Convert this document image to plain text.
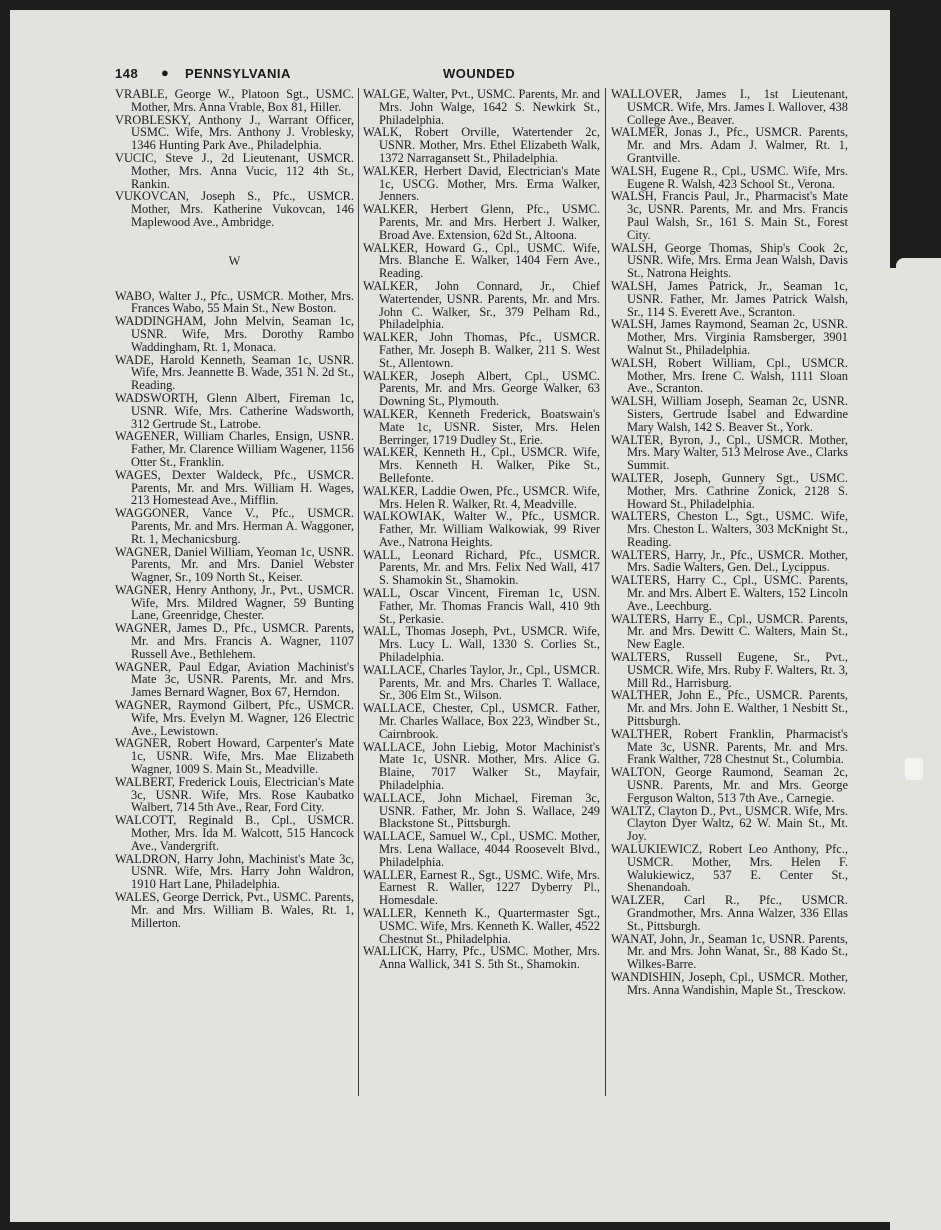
148 ● PENNSYLVANIA	WOUNDED

VRABLE, George W., Platoon Sgt., USMC. Mother, Mrs. Anna Vrable, Box 81, Hiller.

VROBLESKY, Anthony J., Warrant Officer, USMC. Wife, Mrs. Anthony J. Vroblesky, 1346 Hunting Park Ave., Philadelphia.

VUCIC, Steve J., 2d Lieutenant, USMCR. Mother, Mrs. Anna Vucic, 112 4th St., Rankin.

VUKOVCAN, Joseph S., Pfc., USMCR. Mother, Mrs. Katherine Vukovcan, 146 Maplewood Ave., Ambridge.

W

WABO, Walter J., Pfc., USMCR. Mother, Mrs. Frances Wabo, 55 Main St., New Boston.

WADDINGHAM, John Melvin, Seaman 1c, USNR. Wife, Mrs. Dorothy Rambo Waddingham, Rt. 1, Monaca.

WADE, Harold Kenneth, Seaman 1c, USNR. Wife, Mrs. Jeannette B. Wade, 351 N. 2d St., Reading.

WADSWORTH, Glenn Albert, Fireman 1c, USNR. Wife, Mrs. Catherine Wadsworth, 312 Gertrude St., Latrobe.

WAGENER, William Charles, Ensign, USNR. Father, Mr. Clarence William Wagener, 1156 Otter St., Franklin.

WAGES, Dexter Waldeck, Pfc., USMCR. Parents, Mr. and Mrs. William H. Wages, 213 Homestead Ave., Mifflin.

WAGGONER, Vance V., Pfc., USMCR. Parents, Mr. and Mrs. Herman A. Waggoner, Rt. 1, Mechanicsburg.

WAGNER, Daniel William, Yeoman 1c, USNR. Parents, Mr. and Mrs. Daniel Webster Wagner, Sr., 109 North St., Keiser.

WAGNER, Henry Anthony, Jr., Pvt., USMCR. Wife, Mrs. Mildred Wagner, 59 Bunting Lane, Greenridge, Chester.

WAGNER, James D., Pfc., USMCR. Parents, Mr. and Mrs. Francis A. Wagner, 1107 Russell Ave., Bethlehem.

WAGNER, Paul Edgar, Aviation Machinist's Mate 3c, USNR. Parents, Mr. and Mrs. James Bernard Wagner, Box 67, Herndon.

WAGNER, Raymond Gilbert, Pfc., USMCR. Wife, Mrs. Evelyn M. Wagner, 126 Electric Ave., Lewistown.

WAGNER, Robert Howard, Carpenter's Mate 1c, USNR. Wife, Mrs. Mae Elizabeth Wagner, 1009 S. Main St., Meadville.

WALBERT, Frederick Louis, Electrician's Mate 3c, USNR. Wife, Mrs. Rose Kaubatko Walbert, 714 5th Ave., Rear, Ford City.

WALCOTT, Reginald B., Cpl., USMCR. Mother, Mrs. Ida M. Walcott, 515 Hancock Ave., Vandergrift.

WALDRON, Harry John, Machinist's Mate 3c, USNR. Wife, Mrs. Harry John Waldron, 1910 Hart Lane, Philadelphia.

WALES, George Derrick, Pvt., USMC. Parents, Mr. and Mrs. William B. Wales, Rt. 1, Millerton.

WALGE, Walter, Pvt., USMC. Parents, Mr. and Mrs. John Walge, 1642 S. Newkirk St., Philadelphia.

WALK, Robert Orville, Watertender 2c, USNR. Mother, Mrs. Ethel Elizabeth Walk, 1372 Narragansett St., Philadelphia.

WALKER, Herbert David, Electrician's Mate 1c, USCG. Mother, Mrs. Erma Walker, Jenners.

WALKER, Herbert Glenn, Pfc., USMC. Parents, Mr. and Mrs. Herbert J. Walker, Broad Ave. Extension, 62d St., Altoona.

WALKER, Howard G., Cpl., USMC. Wife, Mrs. Blanche E. Walker, 1404 Fern Ave., Reading.

WALKER, John Connard, Jr., Chief Watertender, USNR. Parents, Mr. and Mrs. John C. Walker, Sr., 379 Pelham Rd., Philadelphia.

WALKER, John Thomas, Pfc., USMCR. Father, Mr. Joseph B. Walker, 211 S. West St., Allentown.

WALKER, Joseph Albert, Cpl., USMC. Parents, Mr. and Mrs. George Walker, 63 Downing St., Plymouth.

WALKER, Kenneth Frederick, Boatswain's Mate 1c, USNR. Sister, Mrs. Helen Berringer, 1719 Dudley St., Erie.

WALKER, Kenneth H., Cpl., USMCR. Wife, Mrs. Kenneth H. Walker, Pike St., Bellefonte.

WALKER, Laddie Owen, Pfc., USMCR. Wife, Mrs. Helen R. Walker, Rt. 4, Meadville.

WALKOWIAK, Walter W., Pfc., USMCR. Father, Mr. William Walkowiak, 99 River Ave., Natrona Heights.

WALL, Leonard Richard, Pfc., USMCR. Parents, Mr. and Mrs. Felix Ned Wall, 417 S. Shamokin St., Shamokin.

WALL, Oscar Vincent, Fireman 1c, USN. Father, Mr. Thomas Francis Wall, 410 9th St., Perkasie.

WALL, Thomas Joseph, Pvt., USMCR. Wife, Mrs. Lucy L. Wall, 1330 S. Corlies St., Philadelphia.

WALLACE, Charles Taylor, Jr., Cpl., USMCR. Parents, Mr. and Mrs. Charles T. Wallace, Sr., 306 Elm St., Wilson.

WALLACE, Chester, Cpl., USMCR. Father, Mr. Charles Wallace, Box 223, Windber St., Cairnbrook.

WALLACE, John Liebig, Motor Machinist's Mate 1c, USNR. Mother, Mrs. Alice G. Blaine, 7017 Walker St., Mayfair, Philadelphia.

WALLACE, John Michael, Fireman 3c, USNR. Father, Mr. John S. Wallace, 249 Blackstone St., Pittsburgh.

WALLACE, Samuel W., Cpl., USMC. Mother, Mrs. Lena Wallace, 4044 Roosevelt Blvd., Philadelphia.

WALLER, Earnest R., Sgt., USMC. Wife, Mrs. Earnest R. Waller, 1227 Dyberry Pl., Homesdale.

WALLER, Kenneth K., Quartermaster Sgt., USMC. Wife, Mrs. Kenneth K. Waller, 4522 Chestnut St., Philadelphia.

WALLICK, Harry, Pfc., USMC. Mother, Mrs. Anna Wallick, 341 S. 5th St., Shamokin.

WALLOVER, James I., 1st Lieutenant, USMCR. Wife, Mrs. James I. Wallover, 438 College Ave., Beaver.

WALMER, Jonas J., Pfc., USMCR. Parents, Mr. and Mrs. Adam J. Walmer, Rt. 1, Grantville.

WALSH, Eugene R., Cpl., USMC. Wife, Mrs. Eugene R. Walsh, 423 School St., Verona.

WALSH, Francis Paul, Jr., Pharmacist's Mate 3c, USNR. Parents, Mr. and Mrs. Francis Paul Walsh, Sr., 161 S. Main St., Forest City.

WALSH, George Thomas, Ship's Cook 2c, USNR. Wife, Mrs. Erma Jean Walsh, Davis St., Natrona Heights.

WALSH, James Patrick, Jr., Seaman 1c, USNR. Father, Mr. James Patrick Walsh, Sr., 114 S. Everett Ave., Scranton.

WALSH, James Raymond, Seaman 2c, USNR. Mother, Mrs. Virginia Ramsberger, 3901 Walnut St., Philadelphia.

WALSH, Robert William, Cpl., USMCR. Mother, Mrs. Irene C. Walsh, 1111 Sloan Ave., Scranton.

WALSH, William Joseph, Seaman 2c, USNR. Sisters, Gertrude Isabel and Edwardine Mary Walsh, 142 S. Beaver St., York.

WALTER, Byron, J., Cpl., USMCR. Mother, Mrs. Mary Walter, 513 Melrose Ave., Clarks Summit.

WALTER, Joseph, Gunnery Sgt., USMC. Mother, Mrs. Cathrine Zonick, 2128 S. Howard St., Philadelphia.

WALTERS, Cheston L., Sgt., USMC. Wife, Mrs. Cheston L. Walters, 303 McKnight St., Reading.

WALTERS, Harry, Jr., Pfc., USMCR. Mother, Mrs. Sadie Walters, Gen. Del., Lycippus.

WALTERS, Harry C., Cpl., USMC. Parents, Mr. and Mrs. Albert E. Walters, 152 Lincoln Ave., Leechburg.

WALTERS, Harry E., Cpl., USMCR. Parents, Mr. and Mrs. Dewitt C. Walters, Main St., New Eagle.

WALTERS, Russell Eugene, Sr., Pvt., USMCR. Wife, Mrs. Ruby F. Walters, Rt. 3, Mill Rd., Harrisburg.

WALTHER, John E., Pfc., USMCR. Parents, Mr. and Mrs. John E. Walther, 1 Nesbitt St., Pittsburgh.

WALTHER, Robert Franklin, Pharmacist's Mate 3c, USNR. Parents, Mr. and Mrs. Frank Walther, 728 Chestnut St., Columbia.

WALTON, George Raumond, Seaman 2c, USNR. Parents, Mr. and Mrs. George Ferguson Walton, 513 7th Ave., Carnegie.

WALTZ, Clayton D., Pvt., USMCR. Wife, Mrs. Clayton Dyer Waltz, 62 W. Main St., Mt. Joy.

WALUKIEWICZ, Robert Leo Anthony, Pfc., USMCR. Mother, Mrs. Helen F. Walukiewicz, 537 E. Center St., Shenandoah.

WALZER, Carl R., Pfc., USMCR. Grandmother, Mrs. Anna Walzer, 336 Ellas St., Pittsburgh.

WANAT, John, Jr., Seaman 1c, USNR. Parents, Mr. and Mrs. John Wanat, Sr., 88 Kado St., Wilkes-Barre.

WANDISHIN, Joseph, Cpl., USMCR. Mother, Mrs. Anna Wandishin, Maple St., Tresckow.
